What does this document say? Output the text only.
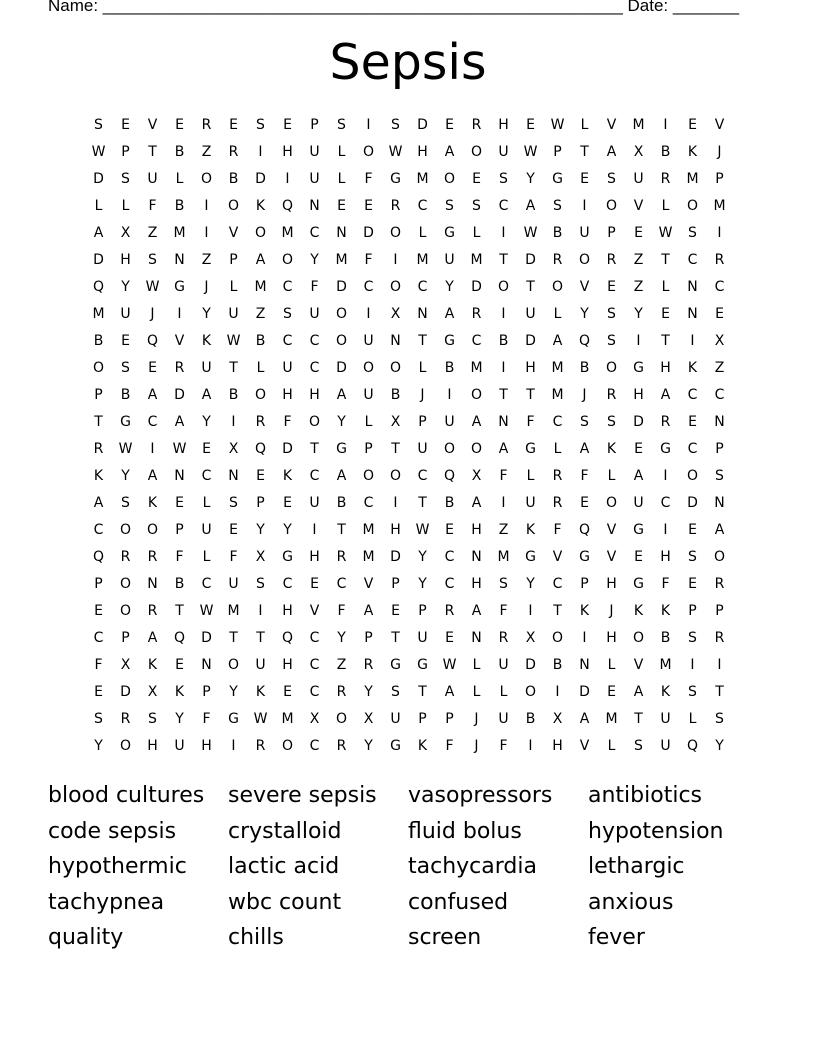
Name: _______________________________________________________ Date: _______
Sepsis
S	E	V	E	R	E	S	E	P	S	I	S	D	E	R	H	E	W	L	V	M	I	E	V
W	P	T	B	Z	R	I	H	U	L	O	W	H	A	O	U	W	P	T	A	X	B	K	J
D	S	U	L	O	B	D	I	U	L	F	G	M	O	E	S	Y	G	E	S	U	R	M	P
L	L	F	B	I	O	K	Q	N	E	E	R	C	S	S	C	A	S	I	O	V	L	O	M
A	X	Z	M	I	V	O	M	C	N	D	O	L	G	L	I	W	B	U	P	E	W	S	I
D	H	S	N	Z	P	A	O	Y	M	F	I	M	U	M	T	D	R	O	R	Z	T	C	R
Q	Y	W	G	J	L	M	C	F	D	C	O	C	Y	D	O	T	O	V	E	Z	L	N	C
M	U	J	I	Y	U	Z	S	U	O	I	X	N	A	R	I	U	L	Y	S	Y	E	N	E
B	E	Q	V	K	W	B	C	C	O	U	N	T	G	C	B	D	A	Q	S	I	T	I	X
O	S	E	R	U	T	L	U	C	D	O	O	L	B	M	I	H	M	B	O	G	H	K	Z
P	B	A	D	A	B	O	H	H	A	U	B	J	I	O	T	T	M	J	R	H	A	C	C
T	G	C	A	Y	I	R	F	O	Y	L	X	P	U	A	N	F	C	S	S	D	R	E	N
R	W	I	W	E	X	Q	D	T	G	P	T	U	O	O	A	G	L	A	K	E	G	C	P
K	Y	A	N	C	N	E	K	C	A	O	O	C	Q	X	F	L	R	F	L	A	I	O	S
A	S	K	E	L	S	P	E	U	B	C	I	T	B	A	I	U	R	E	O	U	C	D	N
C	O	O	P	U	E	Y	Y	I	T	M	H	W	E	H	Z	K	F	Q	V	G	I	E	A
Q	R	R	F	L	F	X	G	H	R	M	D	Y	C	N	M	G	V	G	V	E	H	S	O
P	O	N	B	C	U	S	C	E	C	V	P	Y	C	H	S	Y	C	P	H	G	F	E	R
E	O	R	T	W	M	I	H	V	F	A	E	P	R	A	F	I	T	K	J	K	K	P	P
C	P	A	Q	D	T	T	Q	C	Y	P	T	U	E	N	R	X	O	I	H	O	B	S	R
F	X	K	E	N	O	U	H	C	Z	R	G	G	W	L	U	D	B	N	L	V	M	I	I
E	D	X	K	P	Y	K	E	C	R	Y	S	T	A	L	L	O	I	D	E	A	K	S	T
S	R	S	Y	F	G	W	M	X	O	X	U	P	P	J	U	B	X	A	M	T	U	L	S
Y	O	H	U	H	I	R	O	C	R	Y	G	K	F	J	F	I	H	V	L	S	U	Q	Y
blood cultures	severe sepsis	vasopressors	antibiotics
code sepsis	crystalloid	fluid bolus	hypotension
hypothermic	lactic acid	tachycardia	lethargic
tachypnea	wbc count	confused	anxious
quality	chills	screen	fever
